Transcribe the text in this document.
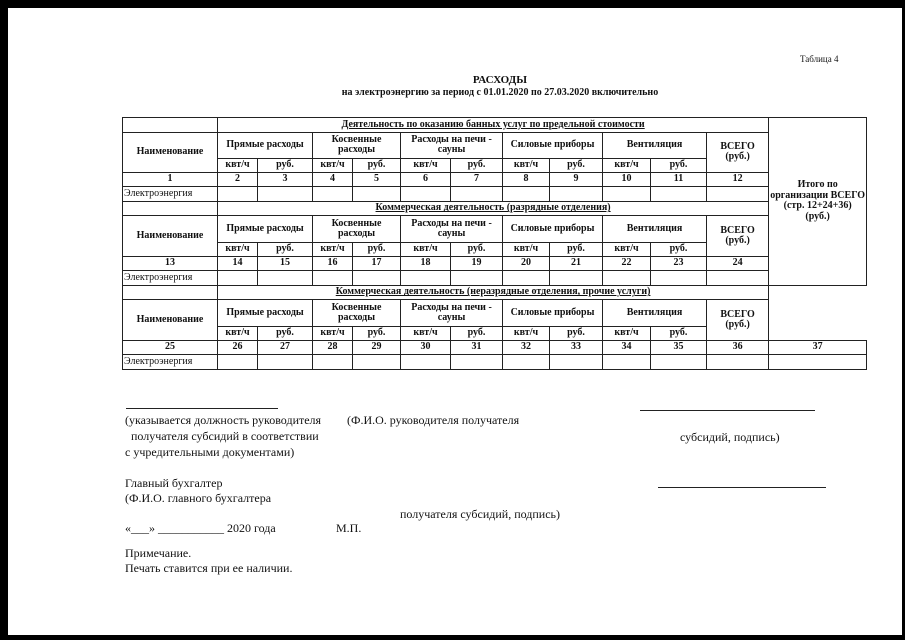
Таблица 4
РАСХОДЫ
на электроэнергию за период с 01.01.2020 по 27.03.2020 включительно
	Деятельность по оказанию банных услуг по предельной стоимости											Итого по организации ВСЕГО (стр. 12+24+36) (руб.)
Наименование	Прямые расходы		Косвенные расходы		Расходы на печи - сауны		Силовые приборы		Вентиляция		ВСЕГО (руб.)	
	квт/ч	руб.	квт/ч	руб.	квт/ч	руб.	квт/ч	руб.	квт/ч	руб.		
1	2	3	4	5	6	7	8	9	10	11	12	
Электроэнергия												
	Коммерческая деятельность (разрядные отделения)											
Наименование	Прямые расходы		Косвенные расходы		Расходы на печи - сауны		Силовые приборы		Вентиляция		ВСЕГО (руб.)	
	квт/ч	руб.	квт/ч	руб.	квт/ч	руб.	квт/ч	руб.	квт/ч	руб.		
13	14	15	16	17	18	19	20	21	22	23	24	
Электроэнергия												
	Коммерческая деятельность (неразрядные отделения, прочие услуги)											
Наименование	Прямые расходы		Косвенные расходы		Расходы на печи - сауны		Силовые приборы		Вентиляция		ВСЕГО (руб.)	
	квт/ч	руб.	квт/ч	руб.	квт/ч	руб.	квт/ч	руб.	квт/ч	руб.		
25	26	27	28	29	30	31	32	33	34	35	36	37
Электроэнергия												
(указывается должность руководителя (Ф.И.О. руководителя получателя
получателя субсидий в соответствии	субсидий, подпись)
с учредительными документами)
Главный бухгалтер
(Ф.И.О. главного бухгалтера
получателя субсидий, подпись)
«___» ___________ 2020 года	М.П.
Примечание.
Печать ставится при ее наличии.
